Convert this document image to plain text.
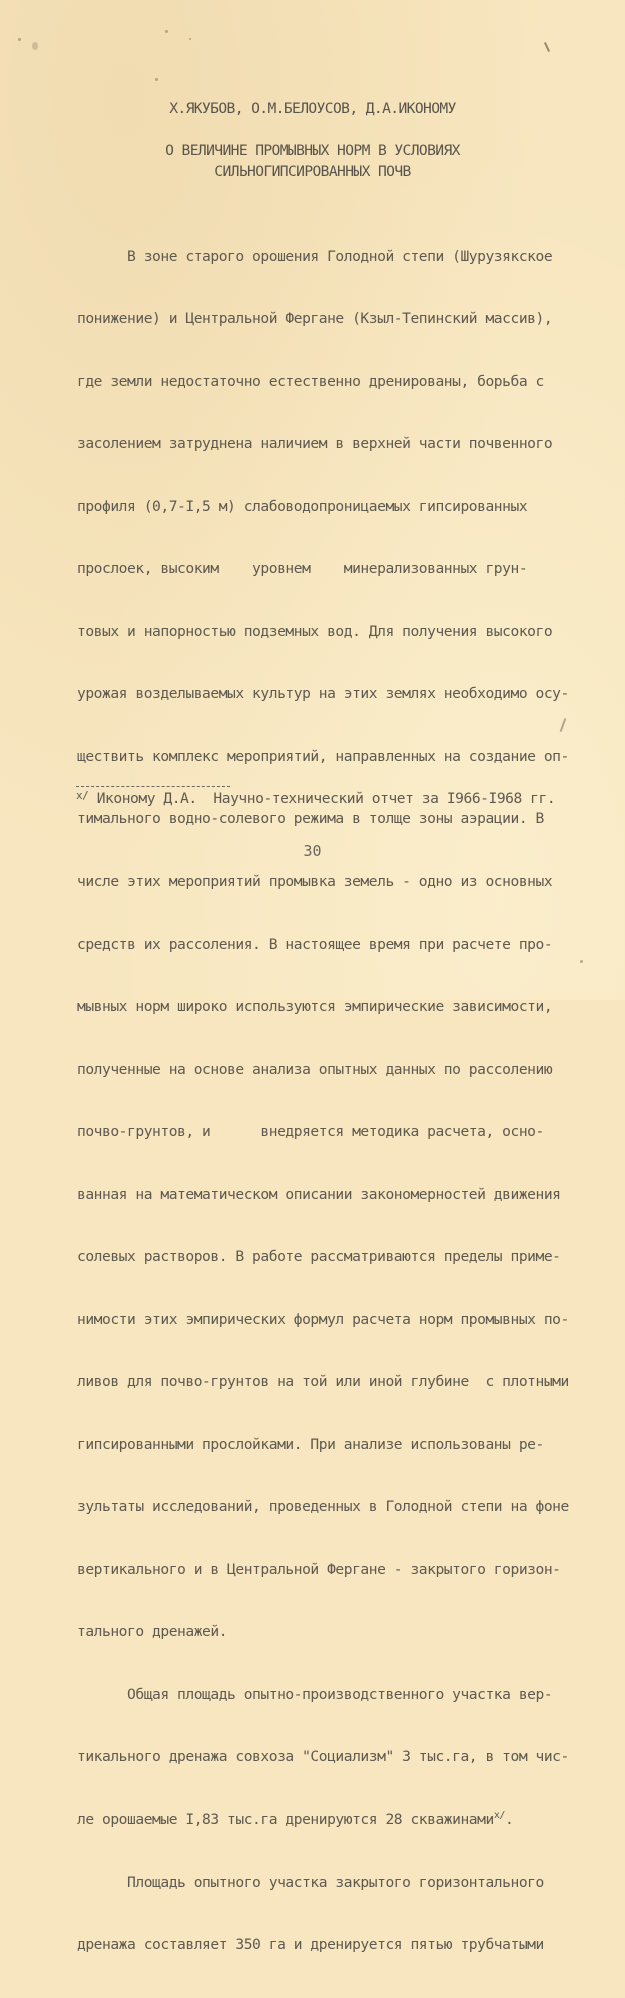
Х.ЯКУБОВ, О.М.БЕЛОУСОВ, Д.А.ИКОНОМУ
О ВЕЛИЧИНЕ ПРОМЫВНЫХ НОРМ В УСЛОВИЯХ
СИЛЬНОГИПСИРОВАННЫХ ПОЧВ

В зоне старого орошения Голодной степи (Шурузякское

понижение) и Центральной Фергане (Кзыл-Тепинский массив),

где земли недостаточно естественно дренированы, борьба с

засолением затруднена наличием в верхней части почвенного

профиля (0,7-I,5 м) слабоводопроницаемых гипсированных

прослоек, высоким    уровнем    минерализованных грун-

товых и напорностью подземных вод. Для получения высокого

урожая возделываемых культур на этих землях необходимо осу-

ществить комплекс мероприятий, направленных на создание оп-

тимального водно-солевого режима в толще зоны аэрации. В

числе этих мероприятий промывка земель - одно из основных

средств их рассоления. В настоящее время при расчете про-

мывных норм широко используются эмпирические зависимости,

полученные на основе анализа опытных данных по рассолению

почво-грунтов, и      внедряется методика расчета, осно-

ванная на математическом описании закономерностей движения

солевых растворов. В работе рассматриваются пределы приме-

нимости этих эмпирических формул расчета норм промывных по-

ливов для почво-грунтов на той или иной глубине  с плотными

гипсированными прослойками. При анализе использованы ре-

зультаты исследований, проведенных в Голодной степи на фоне

вертикального и в Центральной Фергане - закрытого горизон-

тального дренажей.

Общая площадь опытно-производственного участка вер-

тикального дренажа совхоза "Социализм" 3 тыс.га, в том чис-

ле орошаемые I,83 тыс.га дренируются 28 скважинами$^{х/}$.

Площадь опытного участка закрытого горизонтального

дренажа составляет 350 га и дренируется пятью трубчатыми

$^{х/}$ Икономy Д.А.  Научно-технический отчет за I966-I968 гг.
30
